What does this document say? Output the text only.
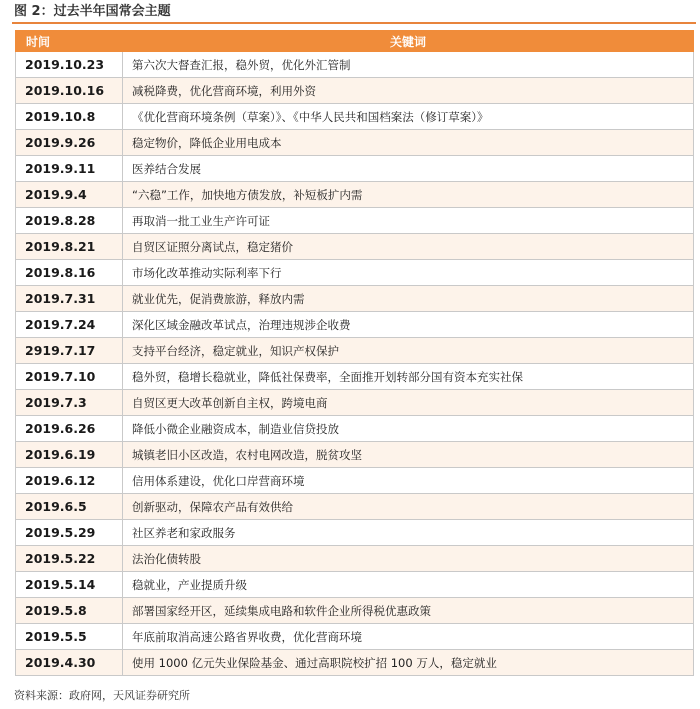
图 2：过去半年国常会主题
时间	关键词
2019.10.23	第六次大督查汇报，稳外贸，优化外汇管制
2019.10.16	减税降费，优化营商环境，利用外资
2019.10.8	《优化营商环境条例（草案）》、《中华人民共和国档案法（修订草案）》
2019.9.26	稳定物价，降低企业用电成本
2019.9.11	医养结合发展
2019.9.4	“六稳”工作，加快地方债发放，补短板扩内需
2019.8.28	再取消一批工业生产许可证
2019.8.21	自贸区证照分离试点，稳定猪价
2019.8.16	市场化改革推动实际利率下行
2019.7.31	就业优先，促消费旅游，释放内需
2019.7.24	深化区域金融改革试点，治理违规涉企收费
2919.7.17	支持平台经济，稳定就业，知识产权保护
2019.7.10	稳外贸，稳增长稳就业，降低社保费率，全面推开划转部分国有资本充实社保
2019.7.3	自贸区更大改革创新自主权，跨境电商
2019.6.26	降低小微企业融资成本，制造业信贷投放
2019.6.19	城镇老旧小区改造，农村电网改造，脱贫攻坚
2019.6.12	信用体系建设，优化口岸营商环境
2019.6.5	创新驱动，保障农产品有效供给
2019.5.29	社区养老和家政服务
2019.5.22	法治化债转股
2019.5.14	稳就业，产业提质升级
2019.5.8	部署国家经开区，延续集成电路和软件企业所得税优惠政策
2019.5.5	年底前取消高速公路省界收费，优化营商环境
2019.4.30	使用 1000 亿元失业保险基金、通过高职院校扩招 100 万人，稳定就业
资料来源：政府网，天风证券研究所
